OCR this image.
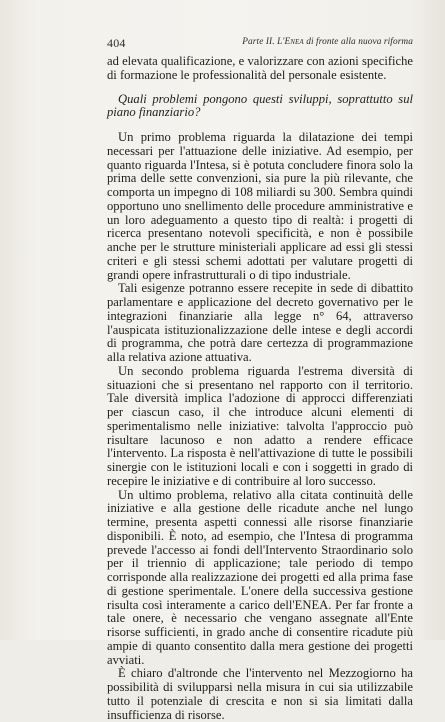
404	Parte II. L'Enea di fronte alla nuova riforma

ad elevata qualificazione, e valorizzare con azioni specifiche di formazione le professionalità del personale esistente.

Quali problemi pongono questi sviluppi, soprattutto sul piano finanziario?

Un primo problema riguarda la dilatazione dei tempi necessari per l'attuazione delle iniziative. Ad esempio, per quanto riguarda l'Intesa, si è potuta concludere finora solo la prima delle sette convenzioni, sia pure la più rilevante, che comporta un impegno di 108 miliardi su 300. Sembra quindi opportuno uno snellimento delle procedure amministrative e un loro adeguamento a questo tipo di realtà: i progetti di ricerca presentano notevoli specificità, e non è possibile anche per le strutture ministeriali applicare ad essi gli stessi criteri e gli stessi schemi adottati per valutare progetti di grandi opere infrastrutturali o di tipo industriale.

Tali esigenze potranno essere recepite in sede di dibattito parlamentare e applicazione del decreto governativo per le integrazioni finanziarie alla legge n° 64, attraverso l'auspicata istituzionalizzazione delle intese e degli accordi di programma, che potrà dare certezza di programmazione alla relativa azione attuativa.

Un secondo problema riguarda l'estrema diversità di situazioni che si presentano nel rapporto con il territorio. Tale diversità implica l'adozione di approcci differenziati per ciascun caso, il che introduce alcuni elementi di sperimentalismo nelle iniziative: talvolta l'approccio può risultare lacunoso e non adatto a rendere efficace l'intervento. La risposta è nell'attivazione di tutte le possibili sinergie con le istituzioni locali e con i soggetti in grado di recepire le iniziative e di contribuire al loro successo.

Un ultimo problema, relativo alla citata continuità delle iniziative e alla gestione delle ricadute anche nel lungo termine, presenta aspetti connessi alle risorse finanziarie disponibili. È noto, ad esempio, che l'Intesa di programma prevede l'accesso ai fondi dell'Intervento Straordinario solo per il triennio di applicazione; tale periodo di tempo corrisponde alla realizzazione dei progetti ed alla prima fase di gestione sperimentale. L'onere della successiva gestione risulta così interamente a carico dell'ENEA. Per far fronte a tale onere, è necessario che vengano assegnate all'Ente risorse sufficienti, in grado anche di consentire ricadute più ampie di quanto consentito dalla mera gestione dei progetti avviati.

È chiaro d'altronde che l'intervento nel Mezzogiorno ha possibilità di svilupparsi nella misura in cui sia utilizzabile tutto il potenziale di crescita e non si sia limitati dalla insufficienza di risorse.
